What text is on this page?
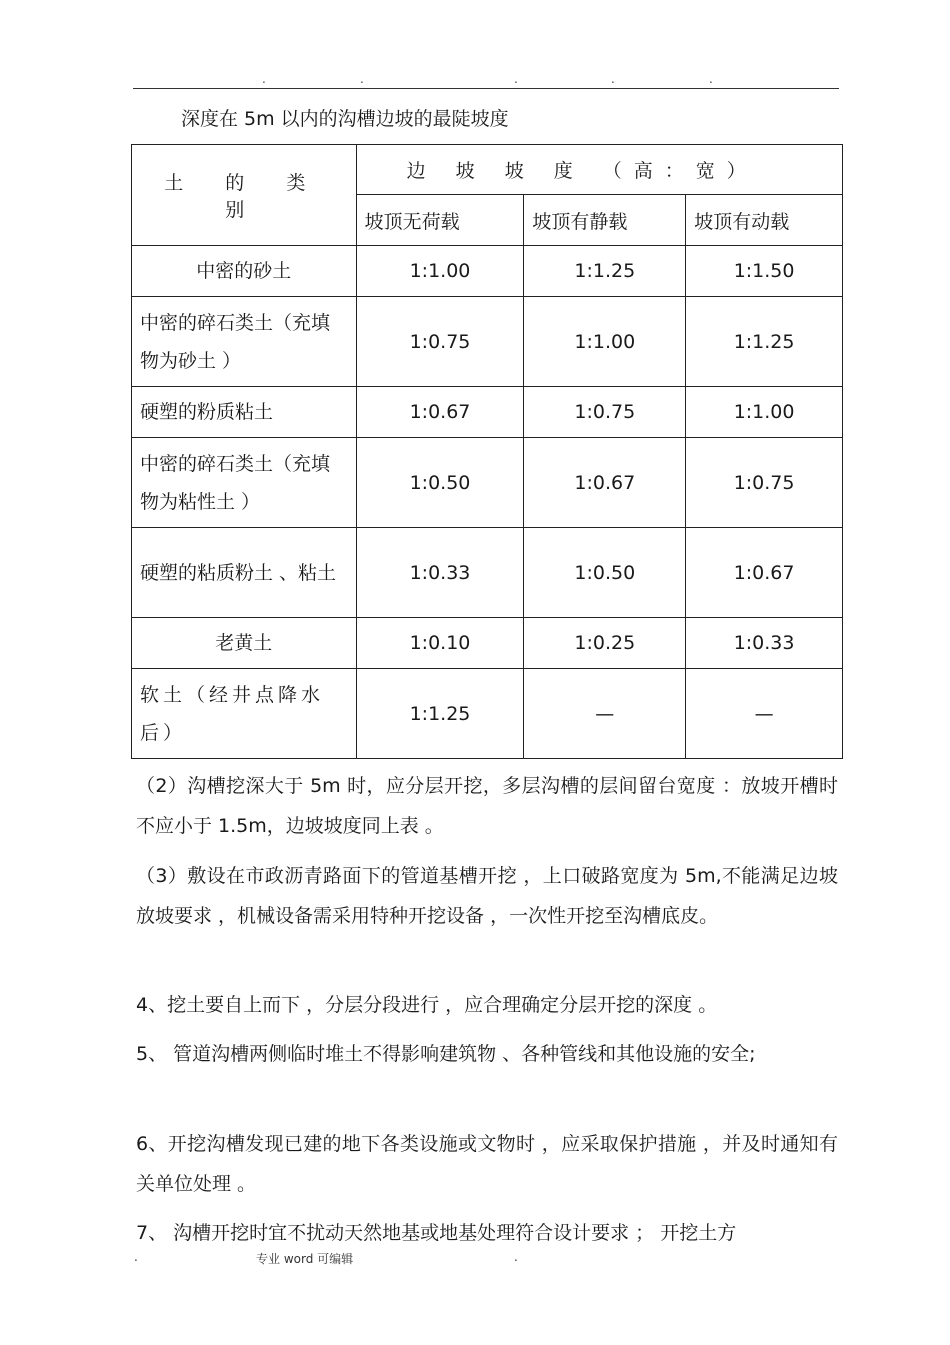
.	.	.	.	.
深度在 5m 以内的沟槽边坡的最陡坡度
土 的 类 别	边 坡 坡 度 （高：宽）		
	坡顶无荷载	坡顶有静载	坡顶有动载
中密的砂土	1:1.00	1:1.25	1:1.50
中密的碎石类土（充填物为砂土 ）	1:0.75	1:1.00	1:1.25
硬塑的粉质粘土	1:0.67	1:0.75	1:1.00
中密的碎石类土（充填物为粘性土 ）	1:0.50	1:0.67	1:0.75
硬塑的粘质粉土 、粘土	1:0.33	1:0.50	1:0.67
老黄土	1:0.10	1:0.25	1:0.33
软土（经井点降水后）	1:1.25	—	—

（2）沟槽挖深大于 5m 时，应分层开挖，多层沟槽的层间留台宽度 ：放坡开槽时不应小于 1.5m，边坡坡度同上表 。

（3）敷设在市政沥青路面下的管道基槽开挖 ，上口破路宽度为 5m,不能满足边坡放坡要求 ，机械设备需采用特种开挖设备 ，一次性开挖至沟槽底皮。

4、挖土要自上而下 ，分层分段进行 ，应合理确定分层开挖的深度 。

5、 管道沟槽两侧临时堆土不得影响建筑物 、各种管线和其他设施的安全;

6、开挖沟槽发现已建的地下各类设施或文物时 ，应采取保护措施 ，并及时通知有关单位处理 。

7、 沟槽开挖时宜不扰动天然地基或地基处理符合设计要求 ； 开挖土方

.	专业 word 可编辑	.
